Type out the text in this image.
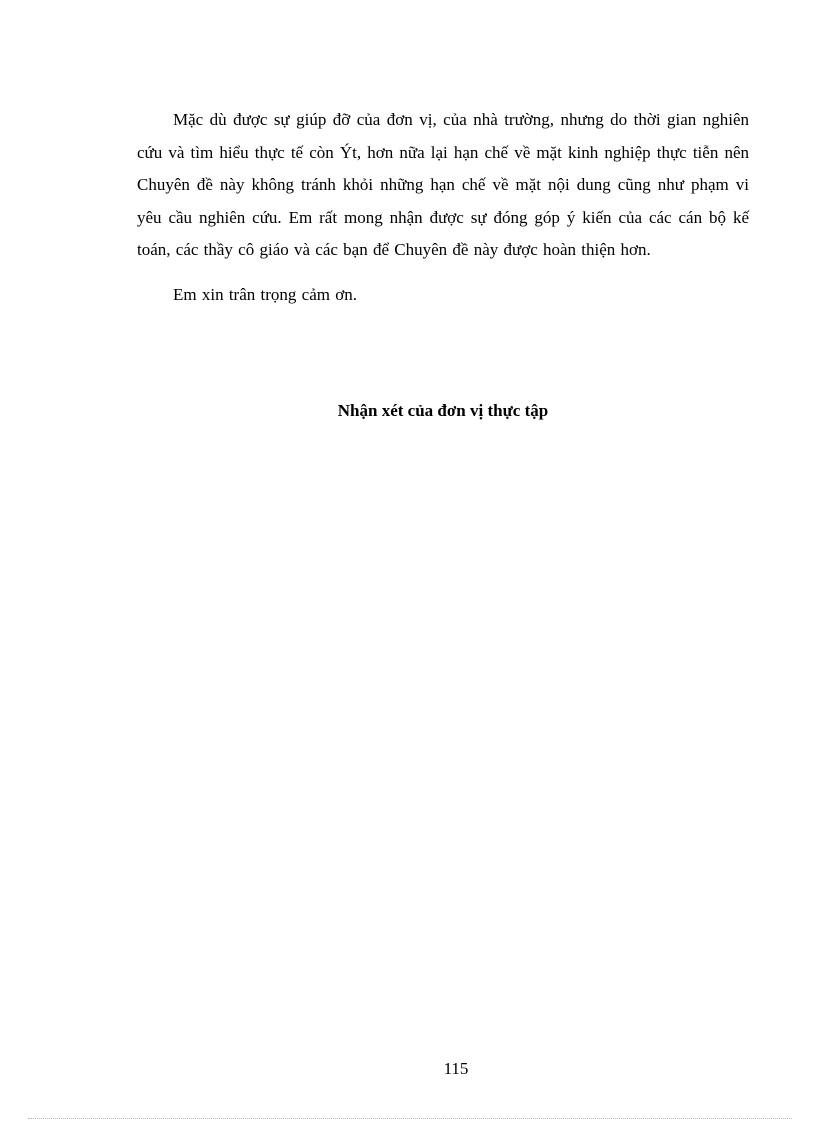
Mặc dù được sự giúp đỡ của đơn vị, của nhà trường, nhưng do thời gian nghiên cứu và tìm hiểu thực tế còn Ýt, hơn nữa lại hạn chế về mặt kinh nghiệp thực tiễn nên Chuyên đề này không tránh khỏi những hạn chế về mặt nội dung cũng như phạm vi yêu cầu nghiên cứu. Em rất mong nhận được sự đóng góp ý kiến của các cán bộ kế toán, các thầy cô giáo và các bạn để Chuyên đề này được hoàn thiện hơn.

Em xin trân trọng cảm ơn.

Nhận xét của đơn vị thực tập
115
